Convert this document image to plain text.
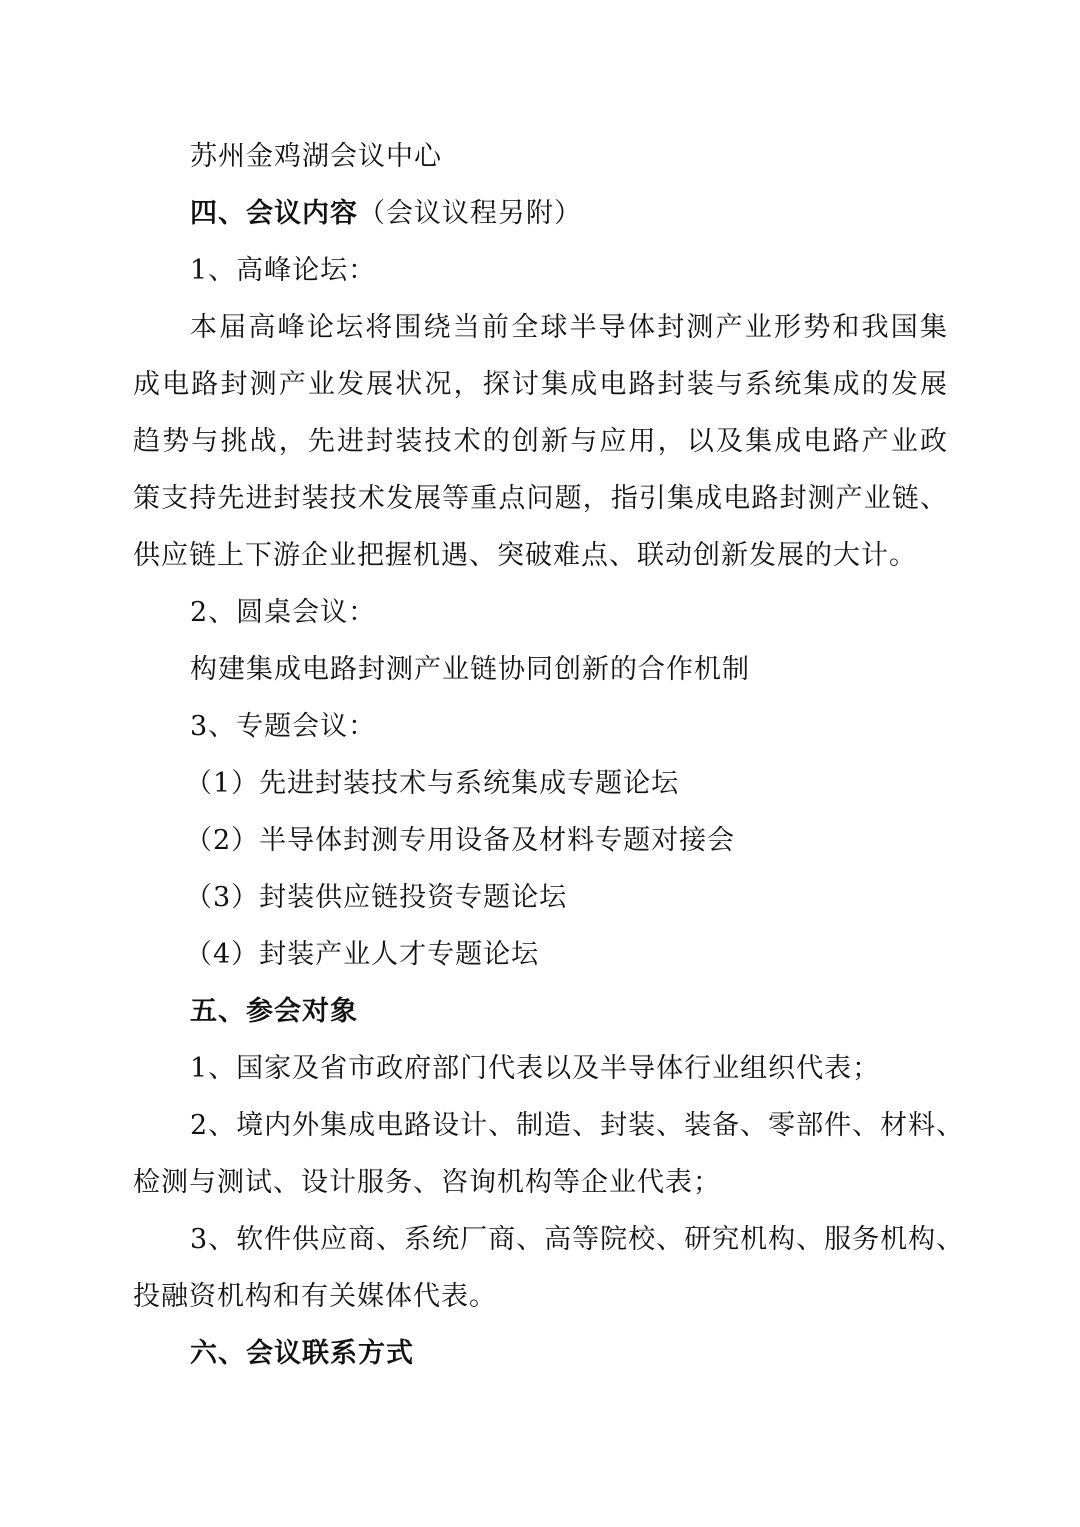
苏州金鸡湖会议中心
四、会议内容（会议议程另附）
1、高峰论坛：
本届高峰论坛将围绕当前全球半导体封测产业形势和我国集
成电路封测产业发展状况，探讨集成电路封装与系统集成的发展
趋势与挑战，先进封装技术的创新与应用，以及集成电路产业政
策支持先进封装技术发展等重点问题，指引集成电路封测产业链、
供应链上下游企业把握机遇、突破难点、联动创新发展的大计。
2、圆桌会议：
构建集成电路封测产业链协同创新的合作机制
3、专题会议：
（1）先进封装技术与系统集成专题论坛
（2）半导体封测专用设备及材料专题对接会
（3）封装供应链投资专题论坛
（4）封装产业人才专题论坛
五、参会对象
1、国家及省市政府部门代表以及半导体行业组织代表；
2、境内外集成电路设计、制造、封装、装备、零部件、材料、
检测与测试、设计服务、咨询机构等企业代表；
3、软件供应商、系统厂商、高等院校、研究机构、服务机构、
投融资机构和有关媒体代表。
六、会议联系方式
